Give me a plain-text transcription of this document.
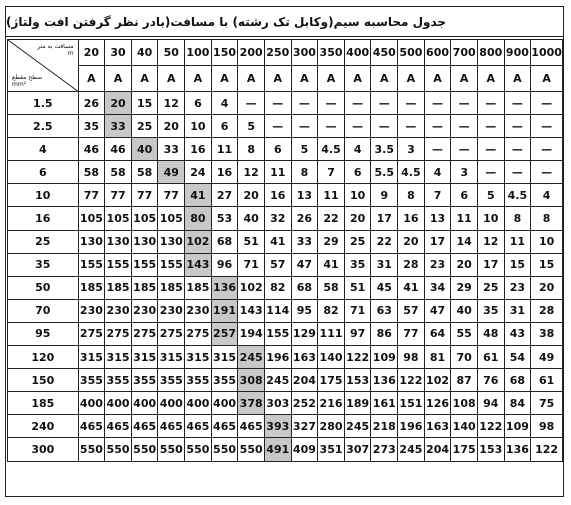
جدول محاسبه سیم(وکابل تک رشته) با مسافت(بادر نظر گرفتن افت ولتاژ)
مسافت به متر
m
سطح مقطع
mm²	20	30	40	50	100	150	200	250	300	350	400	450	500	600	700	800	900	1000
	A	A	A	A	A	A	A	A	A	A	A	A	A	A	A	A	A	A
1.5	26	20	15	12	6	4	—	—	—	—	—	—	—	—	—	—	—	—
2.5	35	33	25	20	10	6	5	—	—	—	—	—	—	—	—	—	—	—
4	46	46	40	33	16	11	8	6	5	4.5	4	3.5	3	—	—	—	—	—
6	58	58	58	49	24	16	12	11	8	7	6	5.5	4.5	4	3	—	—	—
10	77	77	77	77	41	27	20	16	13	11	10	9	8	7	6	5	4.5	4
16	105	105	105	105	80	53	40	32	26	22	20	17	16	13	11	10	8	8
25	130	130	130	130	102	68	51	41	33	29	25	22	20	17	14	12	11	10
35	155	155	155	155	143	96	71	57	47	41	35	31	28	23	20	17	15	15
50	185	185	185	185	185	136	102	82	68	58	51	45	41	34	29	25	23	20
70	230	230	230	230	230	191	143	114	95	82	71	63	57	47	40	35	31	28
95	275	275	275	275	275	257	194	155	129	111	97	86	77	64	55	48	43	38
120	315	315	315	315	315	315	245	196	163	140	122	109	98	81	70	61	54	49
150	355	355	355	355	355	355	308	245	204	175	153	136	122	102	87	76	68	61
185	400	400	400	400	400	400	378	303	252	216	189	161	151	126	108	94	84	75
240	465	465	465	465	465	465	465	393	327	280	245	218	196	163	140	122	109	98
300	550	550	550	550	550	550	550	491	409	351	307	273	245	204	175	153	136	122
